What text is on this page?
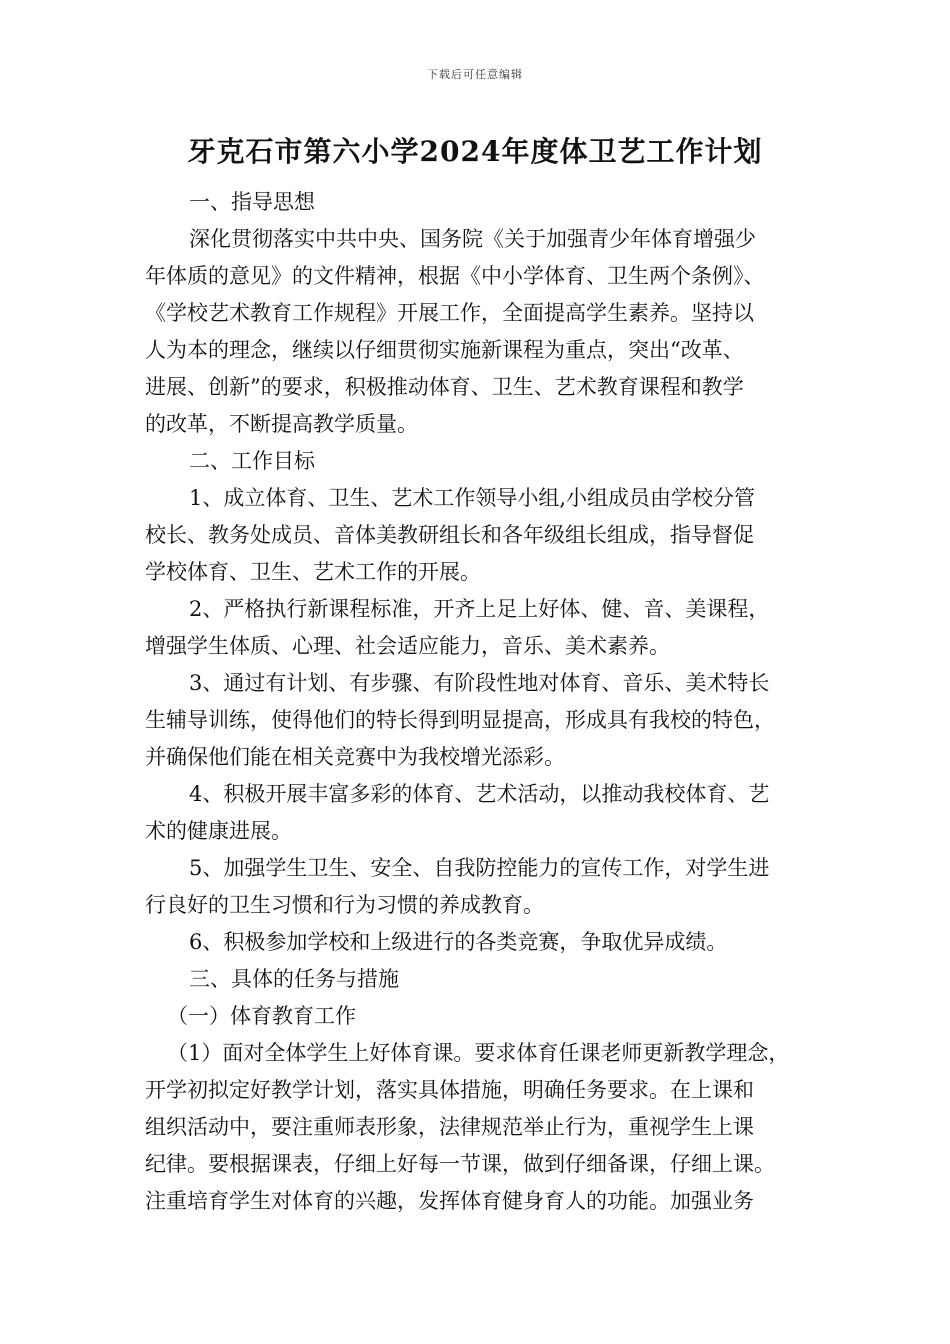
下载后可任意编辑
牙克石市第六小学2024年度体卫艺工作计划
一、指导思想
深化贯彻落实中共中央、国务院《关于加强青少年体育增强少
年体质的意见》的文件精神，根据《中小学体育、卫生两个条例》、
《学校艺术教育工作规程》开展工作，全面提高学生素养。坚持以
人为本的理念，继续以仔细贯彻实施新课程为重点，突出“改革、
进展、创新”的要求，积极推动体育、卫生、艺术教育课程和教学
的改革，不断提高教学质量。
二、工作目标
1、成立体育、卫生、艺术工作领导小组,小组成员由学校分管
校长、教务处成员、音体美教研组长和各年级组长组成，指导督促
学校体育、卫生、艺术工作的开展。
2、严格执行新课程标准，开齐上足上好体、健、音、美课程，
增强学生体质、心理、社会适应能力，音乐、美术素养。
3、通过有计划、有步骤、有阶段性地对体育、音乐、美术特长
生辅导训练，使得他们的特长得到明显提高，形成具有我校的特色，
并确保他们能在相关竞赛中为我校增光添彩。
4、积极开展丰富多彩的体育、艺术活动，以推动我校体育、艺
术的健康进展。
5、加强学生卫生、安全、自我防控能力的宣传工作，对学生进
行良好的卫生习惯和行为习惯的养成教育。
6、积极参加学校和上级进行的各类竞赛，争取优异成绩。
三、具体的任务与措施
（一）体育教育工作
（1）面对全体学生上好体育课。要求体育任课老师更新教学理念，
开学初拟定好教学计划，落实具体措施，明确任务要求。在上课和
组织活动中，要注重师表形象，法律规范举止行为，重视学生上课
纪律。要根据课表，仔细上好每一节课，做到仔细备课，仔细上课。
注重培育学生对体育的兴趣，发挥体育健身育人的功能。加强业务
